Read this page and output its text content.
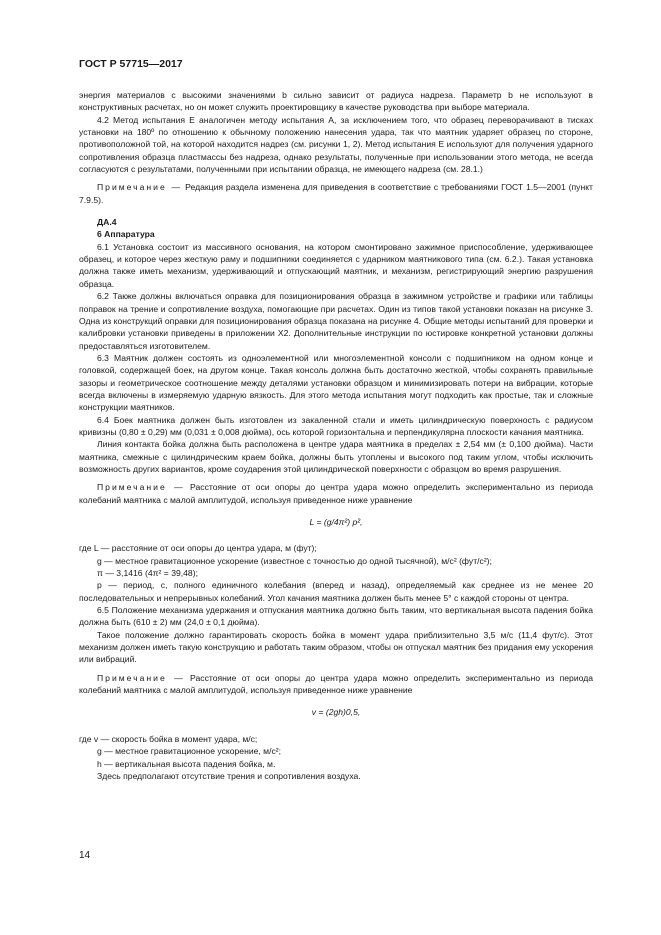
ГОСТ Р 57715—2017

энергия материалов с высокими значениями b сильно зависит от радиуса надреза. Параметр b не используют в конструктивных расчетах, но он может служить проектировщику в качестве руководства при выборе материала.

4.2 Метод испытания Е аналогичен методу испытания А, за исключением того, что образец переворачивают в тисках установки на 180º по отношению к обычному положению нанесения удара, так что маятник ударяет образец по стороне, противоположной той, на которой находится надрез (см. рисунки 1, 2). Метод испытания Е используют для получения ударного сопротивления образца пластмассы без надреза, однако результаты, полученные при использовании этого метода, не всегда согласуются с результатами, полученными при испытании образца, не имеющего надреза (см. 28.1.)

Примечание — Редакция раздела изменена для приведения в соответствие с требованиями ГОСТ 1.5—2001 (пункт 7.9.5).

ДА.4

6 Аппаратура

6.1 Установка состоит из массивного основания, на котором смонтировано зажимное приспособление, удерживающее образец, и которое через жесткую раму и подшипники соединяется с ударником маятникового типа (см. 6.2.). Такая установка должна также иметь механизм, удерживающий и отпускающий маятник, и механизм, регистрирующий энергию разрушения образца.

6.2 Также должны включаться оправка для позиционирования образца в зажимном устройстве и графики или таблицы поправок на трение и сопротивление воздуха, помогающие при расчетах. Один из типов такой установки показан на рисунке 3. Одна из конструкций оправки для позиционирования образца показана на рисунке 4. Общие методы испытаний для проверки и калибровки установки приведены в приложении Х2. Дополнительные инструкции по юстировке конкретной установки должны предоставляться изготовителем.

6.3 Маятник должен состоять из одноэлементной или многоэлементной консоли с подшипником на одном конце и головкой, содержащей боек, на другом конце. Такая консоль должна быть достаточно жесткой, чтобы сохранять правильные зазоры и геометрическое соотношение между деталями установки образцом и минимизировать потери на вибрации, которые всегда включены в измеряемую ударную вязкость. Для этого метода испытания могут подходить как простые, так и сложные конструкции маятников.

6.4 Боек маятника должен быть изготовлен из закаленной стали и иметь цилиндрическую поверхность с радиусом кривизны (0,80 ± 0,29) мм (0,031 ± 0,008 дюйма), ось которой горизонтальна и перпендикулярна плоскости качания маятника.

Линия контакта бойка должна быть расположена в центре удара маятника в пределах ± 2,54 мм (± 0,100 дюйма). Части маятника, смежные с цилиндрическим краем бойка, должны быть утоплены и высокого под таким углом, чтобы исключить возможность других вариантов, кроме соударения этой цилиндрической поверхности с образцом во время разрушения.

Примечание — Расстояние от оси опоры до центра удара можно определить экспериментально из периода колебаний маятника с малой амплитудой, используя приведенное ниже уравнение

L = (g/4π²) p²,

где L — расстояние от оси опоры до центра удара, м (фут);

g — местное гравитационное ускорение (известное с точностью до одной тысячной), м/с² (фут/с²);

π — 3,1416 (4π² = 39,48);

p — период, с, полного единичного колебания (вперед и назад), определяемый как среднее из не менее 20 последовательных и непрерывных колебаний. Угол качания маятника должен быть менее 5° с каждой стороны от центра.

6.5 Положение механизма удержания и отпускания маятника должно быть таким, что вертикальная высота падения бойка должна быть (610 ± 2) мм (24,0 ± 0,1 дюйма).

Такое положение должно гарантировать скорость бойка в момент удара приблизительно 3,5 м/с (11,4 фут/с). Этот механизм должен иметь такую конструкцию и работать таким образом, чтобы он отпускал маятник без придания ему ускорения или вибраций.

Примечание — Расстояние от оси опоры до центра удара можно определить экспериментально из периода колебаний маятника с малой амплитудой, используя приведенное ниже уравнение

v = (2gh)0,5,

где v — скорость бойка в момент удара, м/с;

g — местное гравитационное ускорение, м/с²;

h — вертикальная высота падения бойка, м.

Здесь предполагают отсутствие трения и сопротивления воздуха.

14
